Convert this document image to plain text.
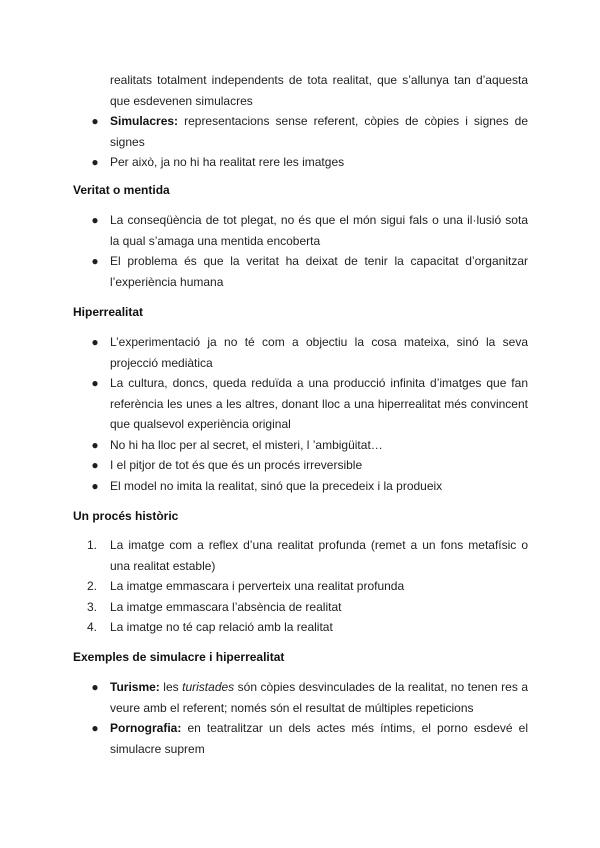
realitats totalment independents de tota realitat, que s’allunya tan d’aquesta que esdevenen simulacres
● Simulacres: representacions sense referent, còpies de còpies i signes de signes
● Per això, ja no hi ha realitat rere les imatges
Veritat o mentida
● La conseqüència de tot plegat, no és que el món sigui fals o una il·lusió sota la qual s’amaga una mentida encoberta
● El problema és que la veritat ha deixat de tenir la capacitat d’organitzar l’experiència humana
Hiperrealitat
● L’experimentació ja no té com a objectiu la cosa mateixa, sinó la seva projecció mediàtica
● La cultura, doncs, queda reduïda a una producció infinita d’imatges que fan referència les unes a les altres, donant lloc a una hiperrealitat més convincent que qualsevol experiència original
● No hi ha lloc per al secret, el misteri, l ’ambigüitat…
● I el pitjor de tot és que és un procés irreversible
● El model no imita la realitat, sinó que la precedeix i la produeix
Un procés històric
1.	La imatge com a reflex d’una realitat profunda (remet a un fons metafísic o una realitat estable)
2.	La imatge emmascara i perverteix una realitat profunda
3.	La imatge emmascara l’absència de realitat
4.	La imatge no té cap relació amb la realitat
Exemples de simulacre i hiperrealitat
● Turisme: les turistades són còpies desvinculades de la realitat, no tenen res a veure amb el referent; només són el resultat de múltiples repeticions
● Pornografia: en teatralitzar un dels actes més íntims, el porno esdevé el simulacre suprem
